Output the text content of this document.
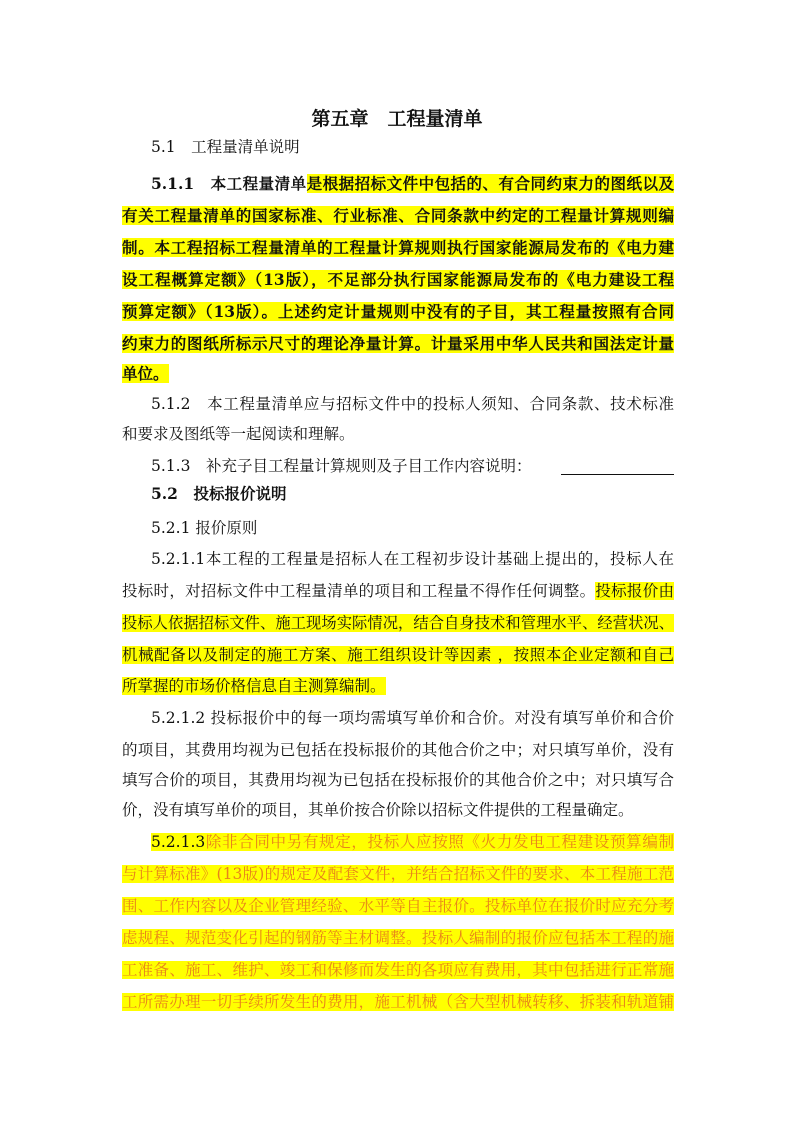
第五章　工程量清单
5.1　工程量清单说明
5.1.1　本工程量清单是根据招标文件中包括的、有合同约束力的图纸以及
有关工程量清单的国家标准、行业标准、合同条款中约定的工程量计算规则编
制。本工程招标工程量清单的工程量计算规则执行国家能源局发布的《电力建
设工程概算定额》（13版），不足部分执行国家能源局发布的《电力建设工程
预算定额》（13版）。上述约定计量规则中没有的子目，其工程量按照有合同
约束力的图纸所标示尺寸的理论净量计算。计量采用中华人民共和国法定计量
单位。
5.1.2　本工程量清单应与招标文件中的投标人须知、合同条款、技术标准
和要求及图纸等一起阅读和理解。
5.1.3　补充子目工程量计算规则及子目工作内容说明：
5.2　投标报价说明
5.2.1 报价原则
5.2.1.1本工程的工程量是招标人在工程初步设计基础上提出的，投标人在
投标时，对招标文件中工程量清单的项目和工程量不得作任何调整。投标报价由
投标人依据招标文件、施工现场实际情况，结合自身技术和管理水平、经营状况、
机械配备以及制定的施工方案、施工组织设计等因素 ，按照本企业定额和自己
所掌握的市场价格信息自主测算编制。
5.2.1.2 投标报价中的每一项均需填写单价和合价。对没有填写单价和合价
的项目，其费用均视为已包括在投标报价的其他合价之中；对只填写单价，没有
填写合价的项目，其费用均视为已包括在投标报价的其他合价之中；对只填写合
价，没有填写单价的项目，其单价按合价除以招标文件提供的工程量确定。
5.2.1.3除非合同中另有规定，投标人应按照《火力发电工程建设预算编制
与计算标准》(13版)的规定及配套文件，并结合招标文件的要求、本工程施工范
围、工作内容以及企业管理经验、水平等自主报价。投标单位在报价时应充分考
虑规程、规范变化引起的钢筋等主材调整。投标人编制的报价应包括本工程的施
工准备、施工、维护、竣工和保修而发生的各项应有费用，其中包括进行正常施
工所需办理一切手续所发生的费用，施工机械（含大型机械转移、拆装和轨道铺
